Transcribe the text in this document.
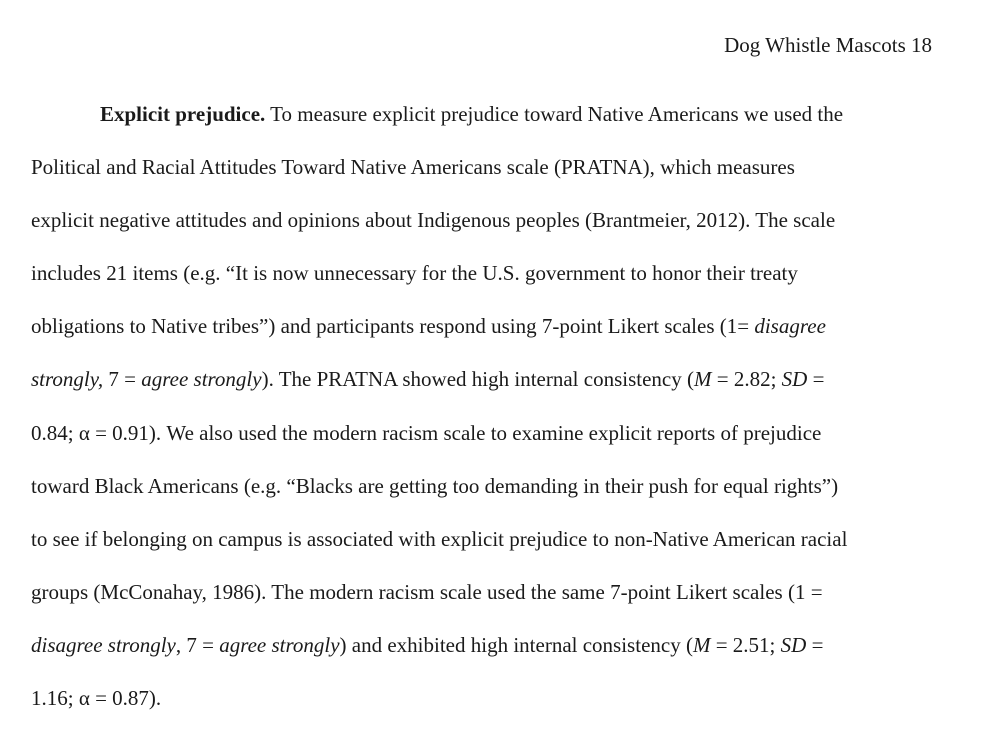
Dog Whistle Mascots 18
Explicit prejudice. To measure explicit prejudice toward Native Americans we used the
Political and Racial Attitudes Toward Native Americans scale (PRATNA), which measures
explicit negative attitudes and opinions about Indigenous peoples (Brantmeier, 2012). The scale
includes 21 items (e.g. “It is now unnecessary for the U.S. government to honor their treaty
obligations to Native tribes”) and participants respond using 7-point Likert scales (1= disagree
strongly, 7 = agree strongly). The PRATNA showed high internal consistency (M = 2.82; SD =
0.84; α = 0.91). We also used the modern racism scale to examine explicit reports of prejudice
toward Black Americans (e.g. “Blacks are getting too demanding in their push for equal rights”)
to see if belonging on campus is associated with explicit prejudice to non-Native American racial
groups (McConahay, 1986). The modern racism scale used the same 7-point Likert scales (1 =
disagree strongly, 7 = agree strongly) and exhibited high internal consistency (M = 2.51; SD =
1.16; α = 0.87).
